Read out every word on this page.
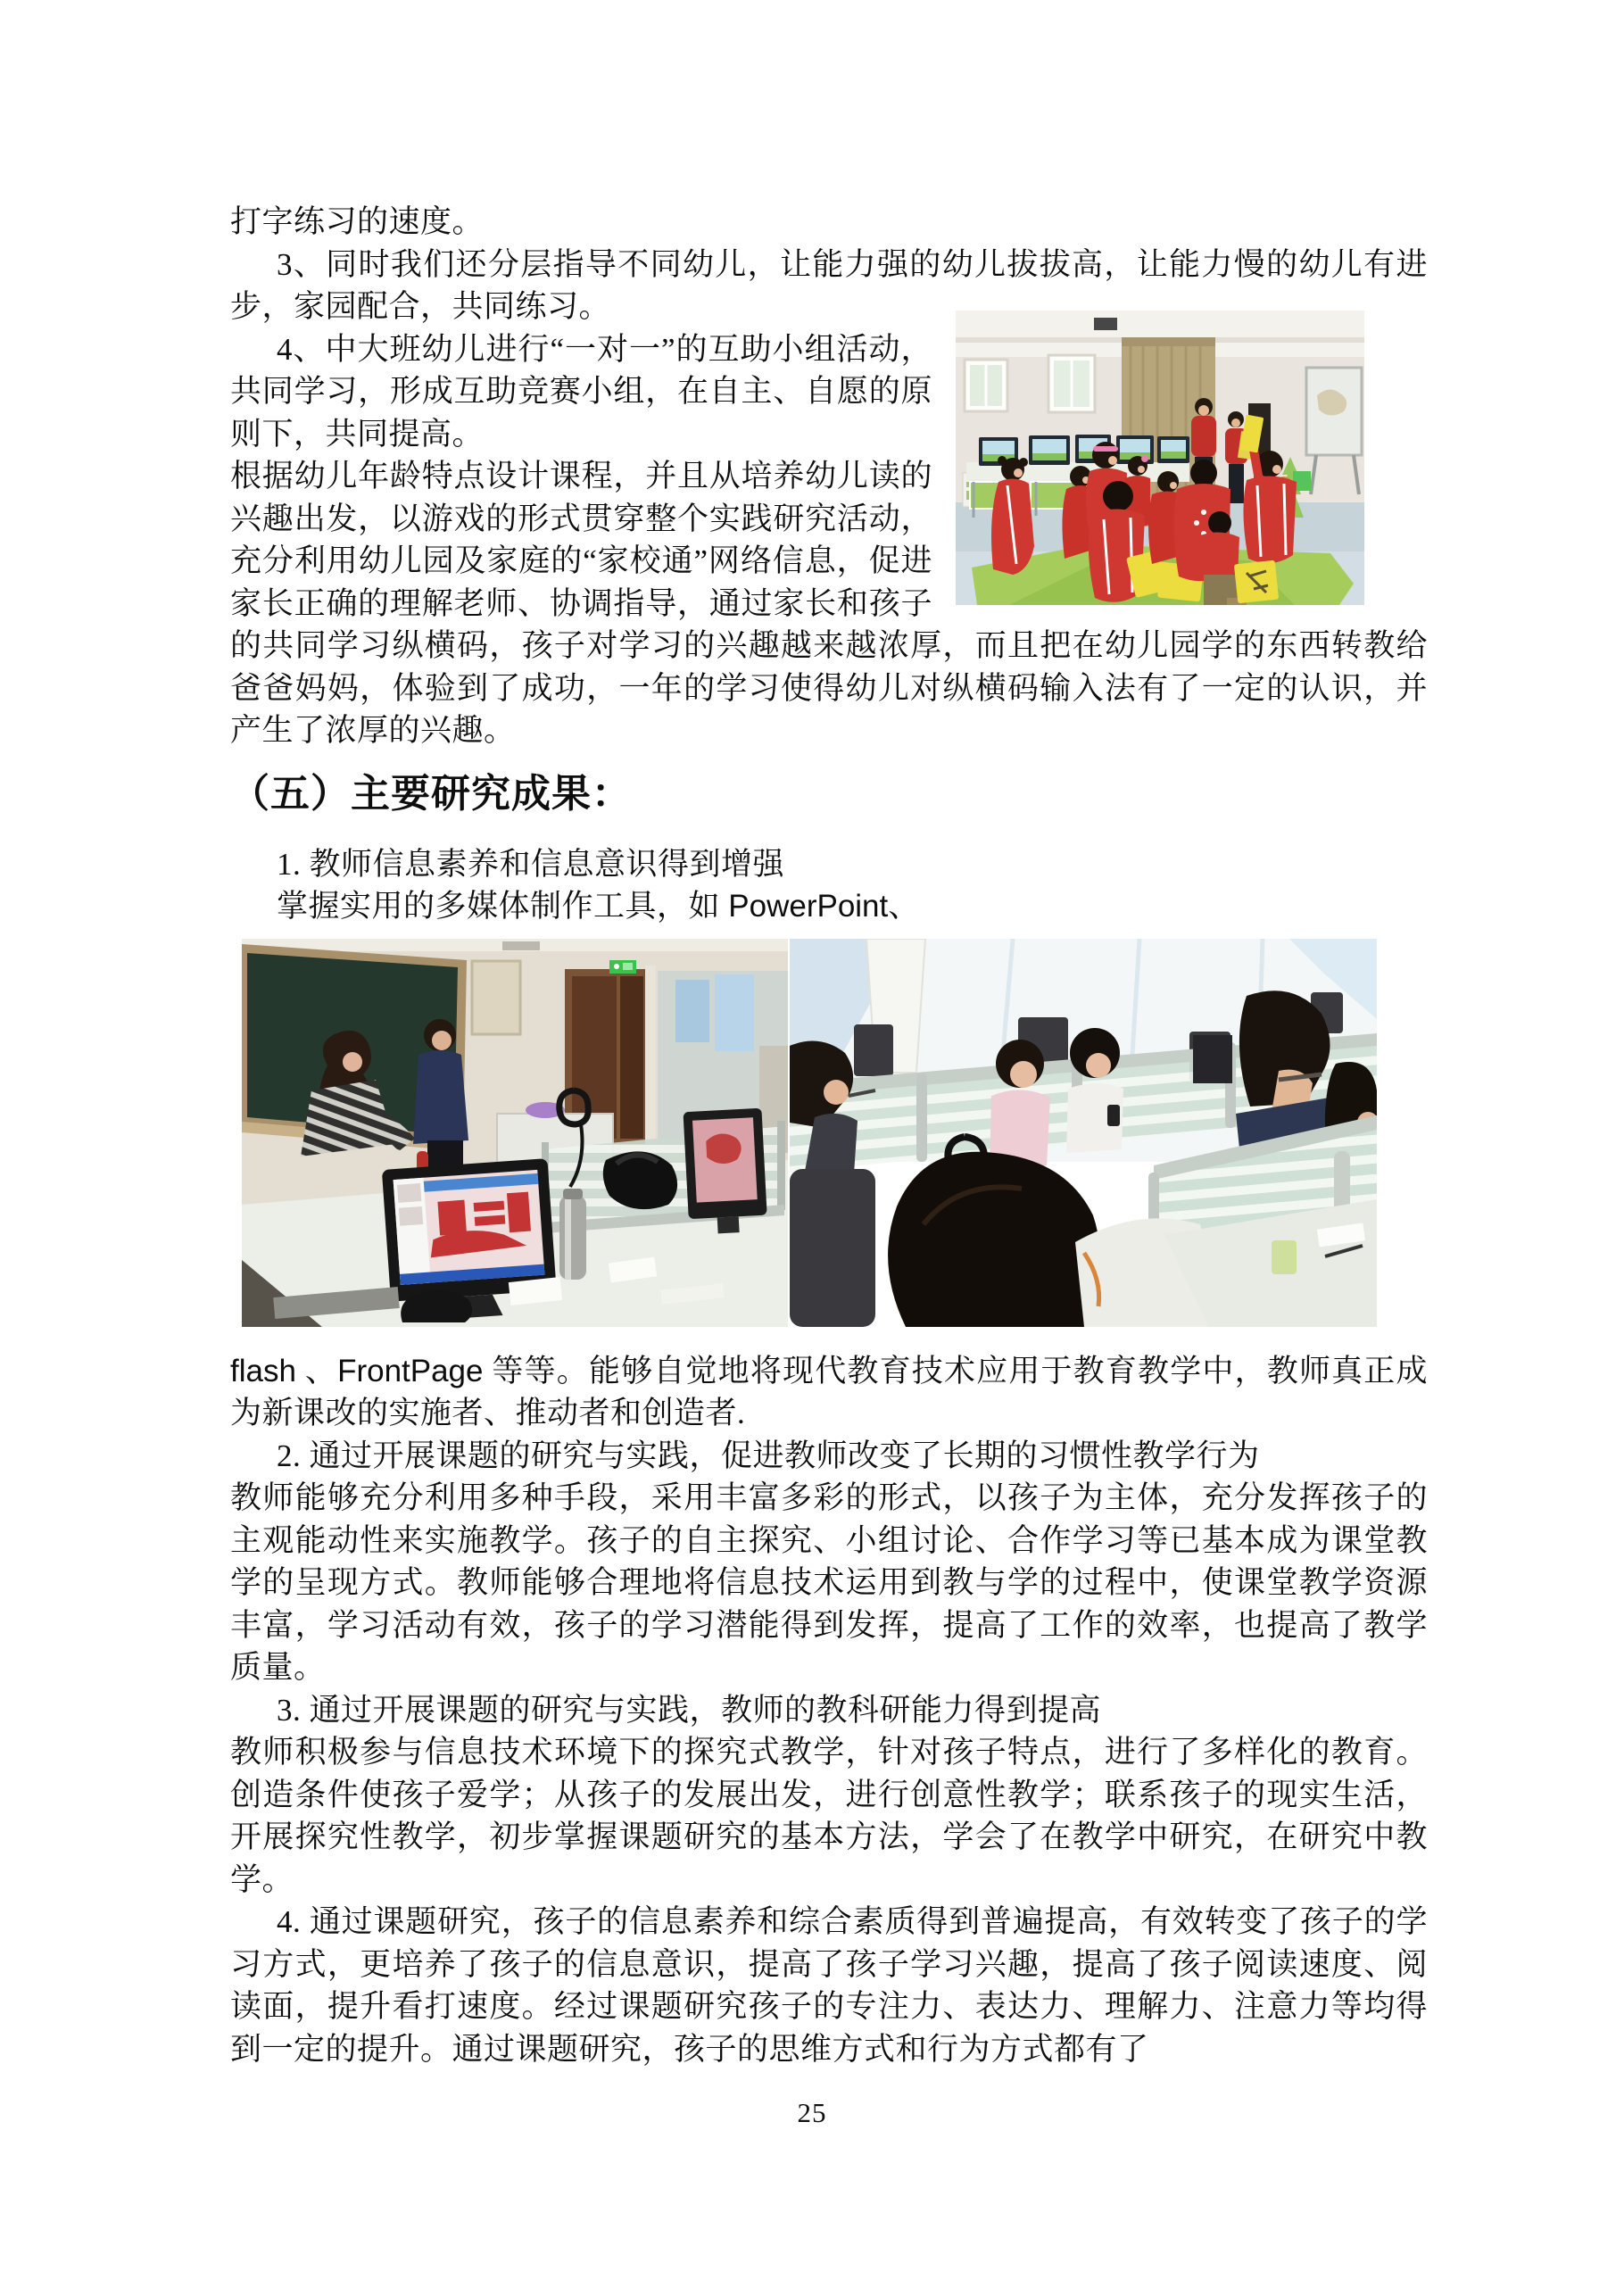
打字练习的速度。

3、同时我们还分层指导不同幼儿，让能力强的幼儿拔拔高，让能力慢的幼儿有进步，家园配合，共同练习。

4、中大班幼儿进行“一对一”的互助小组活动，共同学习，形成互助竞赛小组，在自主、自愿的原则下，共同提高。

根据幼儿年龄特点设计课程，并且从培养幼儿读的兴趣出发，以游戏的形式贯穿整个实践研究活动，充分利用幼儿园及家庭的“家校通”网络信息，促进家长正确的理解老师、协调指导，通过家长和孩子的共同学习纵横码，孩子对学习的兴趣越来越浓厚，而且把在幼儿园学的东西转教给爸爸妈妈，体验到了成功，一年的学习使得幼儿对纵横码输入法有了一定的认识，并产生了浓厚的兴趣。

（五）主要研究成果：

1. 教师信息素养和信息意识得到增强

掌握实用的多媒体制作工具，如 PowerPoint、

flash 、FrontPage 等等。能够自觉地将现代教育技术应用于教育教学中，教师真正成为新课改的实施者、推动者和创造者.

2. 通过开展课题的研究与实践，促进教师改变了长期的习惯性教学行为

教师能够充分利用多种手段，采用丰富多彩的形式，以孩子为主体，充分发挥孩子的主观能动性来实施教学。孩子的自主探究、小组讨论、合作学习等已基本成为课堂教学的呈现方式。教师能够合理地将信息技术运用到教与学的过程中，使课堂教学资源丰富，学习活动有效，孩子的学习潜能得到发挥，提高了工作的效率，也提高了教学质量。

3. 通过开展课题的研究与实践，教师的教科研能力得到提高

教师积极参与信息技术环境下的探究式教学，针对孩子特点，进行了多样化的教育。创造条件使孩子爱学；从孩子的发展出发，进行创意性教学；联系孩子的现实生活，开展探究性教学，初步掌握课题研究的基本方法，学会了在教学中研究，在研究中教学。

4. 通过课题研究，孩子的信息素养和综合素质得到普遍提高，有效转变了孩子的学习方式，更培养了孩子的信息意识，提高了孩子学习兴趣，提高了孩子阅读速度、阅读面，提升看打速度。经过课题研究孩子的专注力、表达力、理解力、注意力等均得到一定的提升。通过课题研究，孩子的思维方式和行为方式都有了

25
